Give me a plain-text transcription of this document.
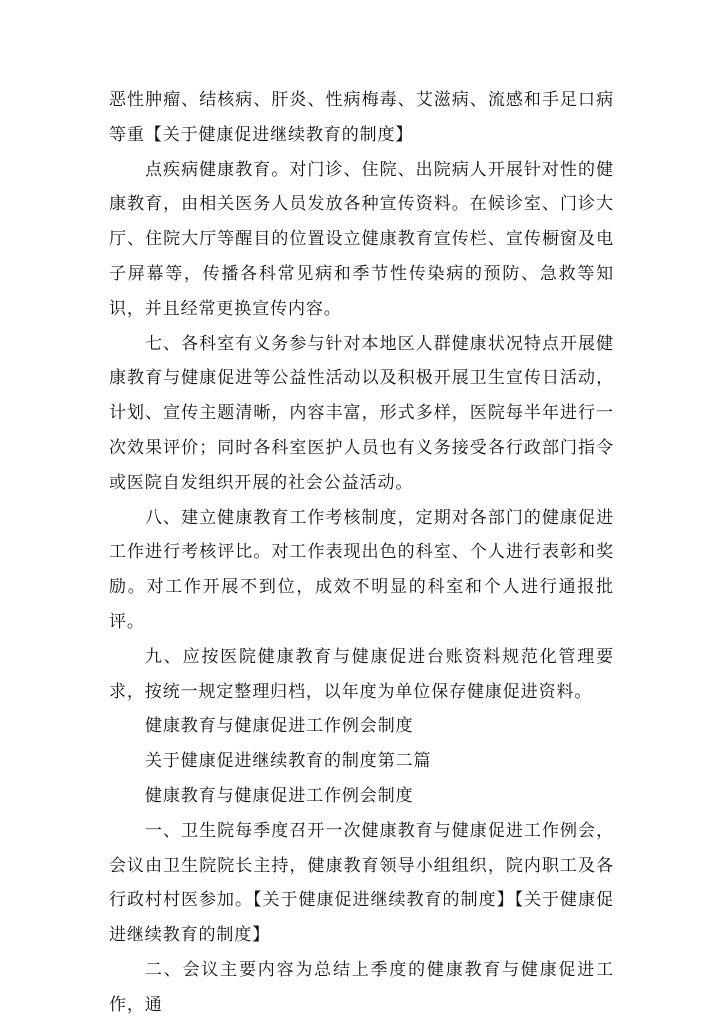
恶性肿瘤、结核病、肝炎、性病梅毒、艾滋病、流感和手足口病等重【关于健康促进继续教育的制度】

点疾病健康教育。对门诊、住院、出院病人开展针对性的健康教育，由相关医务人员发放各种宣传资料。在候诊室、门诊大厅、住院大厅等醒目的位置设立健康教育宣传栏、宣传橱窗及电子屏幕等，传播各科常见病和季节性传染病的预防、急救等知识，并且经常更换宣传内容。

七、各科室有义务参与针对本地区人群健康状况特点开展健康教育与健康促进等公益性活动以及积极开展卫生宣传日活动，计划、宣传主题清晰，内容丰富，形式多样，医院每半年进行一次效果评价；同时各科室医护人员也有义务接受各行政部门指令或医院自发组织开展的社会公益活动。

八、建立健康教育工作考核制度，定期对各部门的健康促进工作进行考核评比。对工作表现出色的科室、个人进行表彰和奖励。对工作开展不到位，成效不明显的科室和个人进行通报批评。

九、应按医院健康教育与健康促进台账资料规范化管理要求，按统一规定整理归档，以年度为单位保存健康促进资料。

健康教育与健康促进工作例会制度

关于健康促进继续教育的制度第二篇

健康教育与健康促进工作例会制度

一、卫生院每季度召开一次健康教育与健康促进工作例会，会议由卫生院院长主持，健康教育领导小组组织，院内职工及各行政村村医参加。【关于健康促进继续教育的制度】【关于健康促进继续教育的制度】

二、会议主要内容为总结上季度的健康教育与健康促进工作，通
